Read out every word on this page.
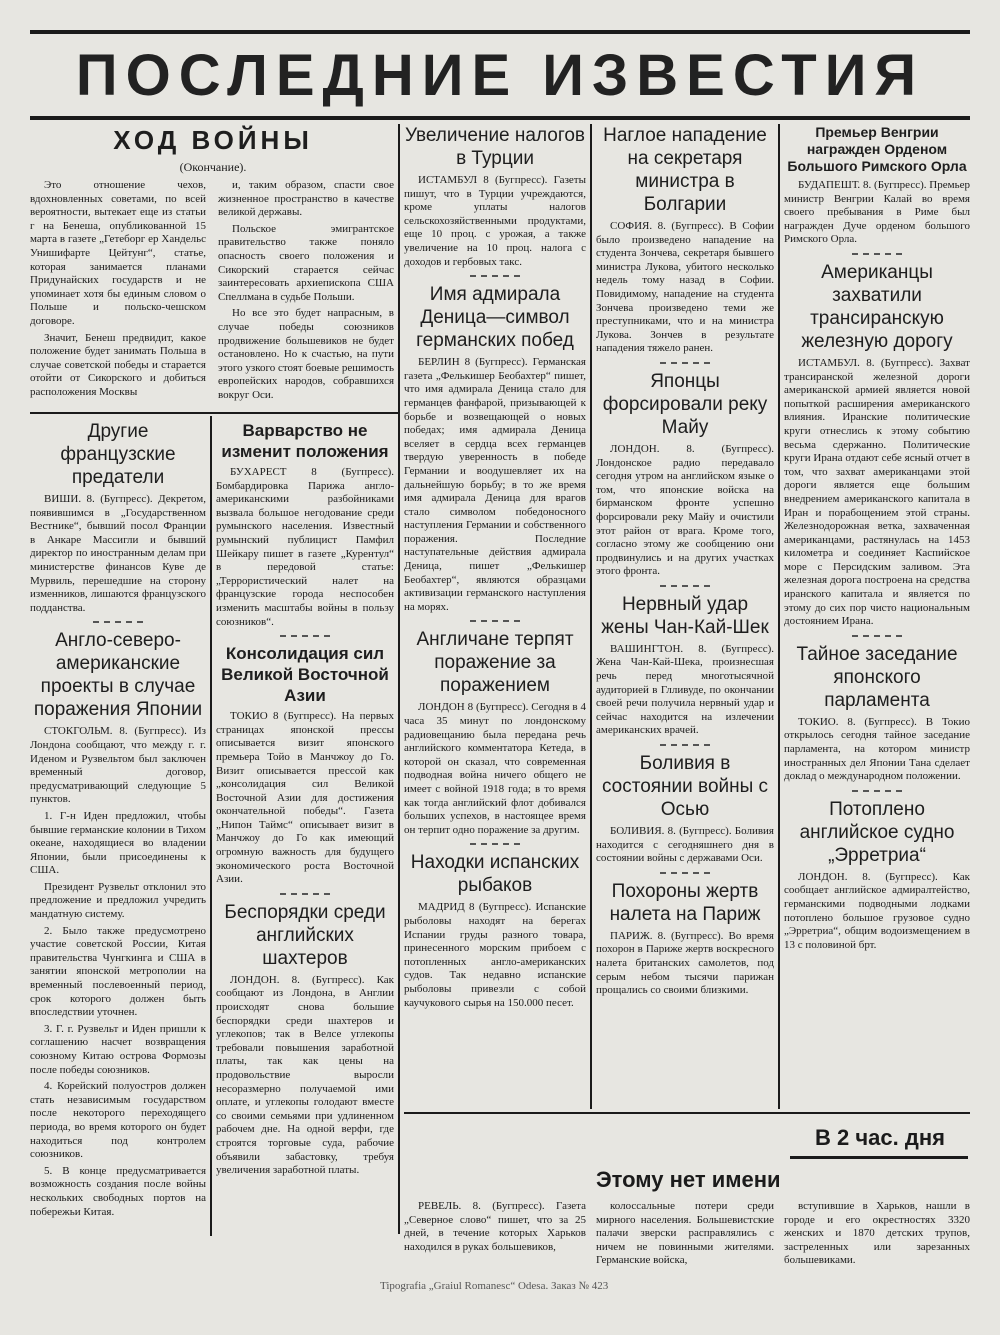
ПОСЛЕДНИЕ ИЗВЕСТИЯ
ХОД ВОЙНЫ
(Окончание).

Это отношение чехов, вдохновленных советами, по всей вероятности, вытекает еще из статьи г на Бенеша, опубликованной 15 марта в газете „Гетеборг ер Хандельс Унишифарте Цейтунг“, статье, которая занимается планами Придунайских государств и не упоминает хотя бы единым словом о Польше и польско-чешском договоре.

Значит, Бенеш предвидит, какое положение будет занимать Польша в случае советской победы и старается отойти от Сикорского и добиться расположения Москвы

и, таким образом, спасти свое жизненное пространство в качестве великой державы.

Польское эмигрантское правительство также поняло опасность своего положения и Сикорский старается сейчас заинтересовать архиепископа США Спеллмана в судьбе Польши.

Но все это будет напрасным, в случае победы союзников продвижение большевиков не будет остановлено. Но к счастью, на пути этого узкого стоят боевые решимость европейских народов, собравшихся вокруг Оси.

Другие французские предатели

ВИШИ. 8. (Бугпресс). Декретом, появившимся в „Государственном Вестнике“, бывший посол Франции в Анкаре Массигли и бывший директор по иностранным делам при министерстве финансов Куве де Мурвиль, перешедшие на сторону изменников, лишаются французского подданства.

Англо-северо-американские проекты в случае поражения Японии

СТОКГОЛЬМ. 8. (Бугпресс). Из Лондона сообщают, что между г. г. Иденом и Рузвельтом был заключен временный договор, предусматривающий следующие 5 пунктов.

1. Г-н Иден предложил, чтобы бывшие германские колонии в Тихом океане, находящиеся во владении Японии, были присоединены к США.

Президент Рузвельт отклонил это предложение и предложил учредить мандатную систему.

2. Было также предусмотрено участие советской России, Китая правительства Чунгкинга и США в занятии японской метрополии на временный послевоенный период, срок которого должен быть впоследствии уточнен.

3. Г. г. Рузвельт и Иден пришли к соглашению насчет возвращения союзному Китаю острова Формозы после победы союзников.

4. Корейский полуостров должен стать независимым государством после некоторого переходящего периода, во время которого он будет находиться под контролем союзников.

5. В конце предусматривается возможность создания после войны нескольких свободных портов на побережьи Китая.

Варварство не изменит положения

БУХАРЕСТ 8 (Бугпресс). Бомбардировка Парижа англо-американскими разбойниками вызвала большое негодование среди румынского населения. Известный румынский публицист Памфил Шейкару пишет в газете „Курентул“ в передовой статье: „Террористический налет на французские города неспособен изменить масштабы войны в пользу союзников“.

Консолидация сил Великой Восточной Азии

ТОКИО 8 (Бугпресс). На первых страницах японской прессы описывается визит японского премьера Тойо в Манчжоу до Го. Визит описывается прессой как „консолидация сил Великой Восточной Азии для достижения окончательной победы“. Газета „Нипон Таймс“ описывает визит в Манчжоу до Го как имеющий огромную важность для будущего экономического роста Восточной Азии.

Беспорядки среди английских шахтеров

ЛОНДОН. 8. (Бугпресс). Как сообщают из Лондона, в Англии происходят снова большие беспорядки среди шахтеров и углекопов; так в Велсе углекопы требовали повышения заработной платы, так как цены на продовольствие выросли несоразмерно получаемой ими оплате, и углекопы голодают вместе со своими семьями при удлиненном рабочем дне. На одной верфи, где строятся торговые суда, рабочие объявили забастовку, требуя увеличения заработной платы.

Увеличение налогов в Турции

ИСТАМБУЛ 8 (Бугпресс). Газеты пишут, что в Турции учреждаются, кроме уплаты налогов сельскохозяйственными продуктами, еще 10 проц. с урожая, а также увеличение на 10 проц. налога с доходов и гербовых такс.

Имя адмирала Деница—символ германских побед

БЕРЛИН 8 (Бугпресс). Германская газета „Фелькишер Беобахтер“ пишет, что имя адмирала Деница стало для германцев фанфарой, призывающей к борьбе и возвещающей о новых победах; имя адмирала Деница вселяет в сердца всех германцев твердую уверенность в победе Германии и воодушевляет их на дальнейшую борьбу; в то же время имя адмирала Деница для врагов стало символом победоносного наступления Германии и собственного поражения. Последние наступательные действия адмирала Деница, пишет „Фелькишер Беобахтер“, являются образцами активизации германского наступления на морях.

Англичане терпят поражение за поражением

ЛОНДОН 8 (Бугпресс). Сегодня в 4 часа 35 минут по лондонскому радиовещанию была передана речь английского комментатора Кетеда, в которой он сказал, что современная подводная война ничего общего не имеет с войной 1918 года; в то время как тогда английский флот добивался больших успехов, в настоящее время он терпит одно поражение за другим.

Находки испанских рыбаков

МАДРИД 8 (Бугпресс). Испанские рыболовы находят на берегах Испании груды разного товара, принесенного морским прибоем с потопленных англо-американских судов. Так недавно испанские рыболовы привезли с собой каучукового сырья на 150.000 песет.

Наглое нападение на секретаря министра в Болгарии

СОФИЯ. 8. (Бугпресс). В Софии было произведено нападение на студента Зончева, секретаря бывшего министра Лукова, убитого несколько недель тому назад в Софии. Повидимому, нападение на студента Зончева произведено теми же преступниками, что и на министра Лукова. Зончев в результате нападения тяжело ранен.

Японцы форсировали реку Майу

ЛОНДОН. 8. (Бугпресс). Лондонское радио передавало сегодня утром на английском языке о том, что японские войска на бирманском фронте успешно форсировали реку Майу и очистили этот район от врага. Кроме того, согласно этому же сообщению они продвинулись и на других участках этого фронта.

Нервный удар жены Чан-Кай-Шек

ВАШИНГТОН. 8. (Бугпресс). Жена Чан-Кай-Шека, произнесшая речь перед многотысячной аудиторией в Глливуде, по окончании своей речи получила нервный удар и сейчас находится на излечении американских врачей.

Боливия в состоянии войны с Осью

БОЛИВИЯ. 8. (Бугпресс). Боливия находится с сегодняшнего дня в состоянии войны с державами Оси.

Похороны жертв налета на Париж

ПАРИЖ. 8. (Бугпресс). Во время похорон в Париже жертв воскресного налета британских самолетов, под серым небом тысячи парижан прощались со своими близкими.

Премьер Венгрии награжден Орденом Большого Римского Орла

БУДАПЕШТ. 8. (Бугпресс). Премьер министр Венгрии Калай во время своего пребывания в Риме был награжден Дуче орденом большого Римского Орла.

Американцы захватили трансиранскую железную дорогу

ИСТАМБУЛ. 8. (Бугпресс). Захват трансиранской железной дороги американской армией является новой попыткой расширения американского влияния. Иранские политические круги отнеслись к этому событию весьма сдержанно. Политические круги Ирана отдают себе ясный отчет в том, что захват американцами этой дороги является еще большим внедрением американского капитала в Иран и порабощением этой страны. Железнодорожная ветка, захваченная американцами, растянулась на 1453 километра и соединяет Каспийское море с Персидским заливом. Эта железная дорога построена на средства иранского капитала и является по этому до сих пор чисто национальным достоянием Ирана.

Тайное заседание японского парламента

ТОКИО. 8. (Бугпресс). В Токио открылось сегодня тайное заседание парламента, на котором министр иностранных дел Японии Тана сделает доклад о международном положении.

Потоплено английское судно „Эрретриа“

ЛОНДОН. 8. (Бугпресс). Как сообщает английское адмиралтейство, германскими подводными лодками потоплено большое грузовое судно „Эрретриа“, общим водоизмещением в 13 с половиной брт.

В 2 час. дня
Этому нет имени

РЕВЕЛЬ. 8. (Бугпресс). Газета „Северное слово“ пишет, что за 25 дней, в течение которых Харьков находился в руках большевиков,

колоссальные потери среди мирного населения. Большевистские палачи зверски расправлялись с ничем не повинными жителями. Германские войска,

вступившие в Харьков, нашли в городе и его окрестностях 3320 женских и 1870 детских трупов, застреленных или зарезанных большевиками.

Tipografia „Graiul Romanesc“ Odesa. Заказ № 423
